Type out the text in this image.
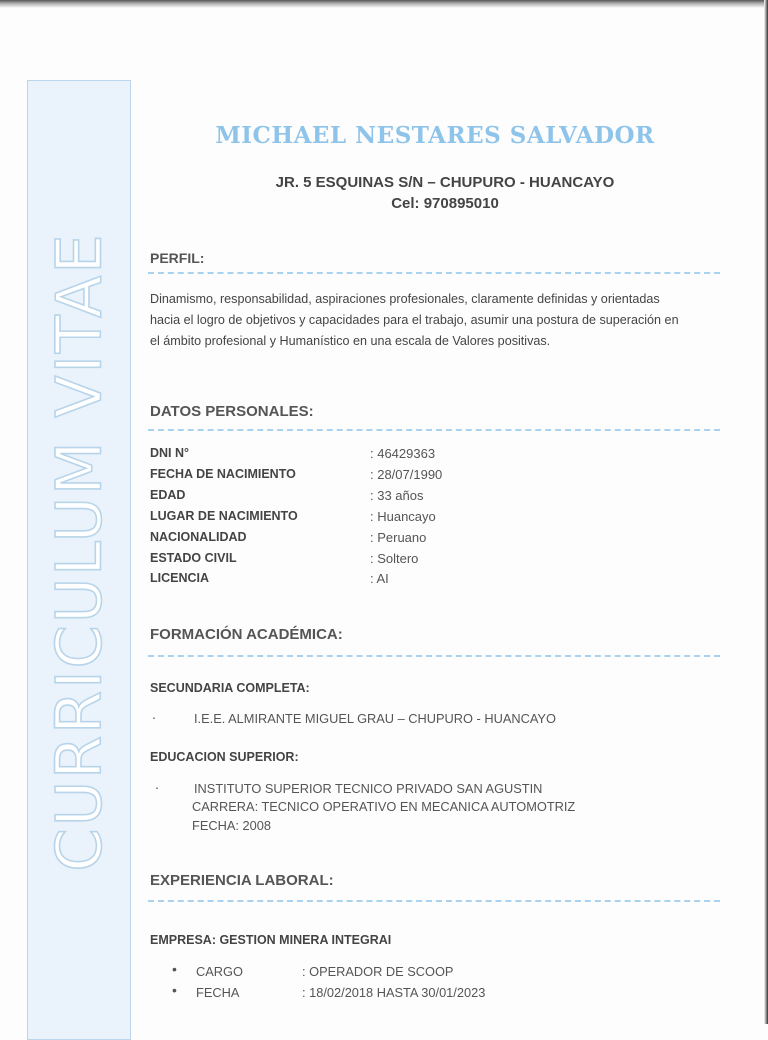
CURRICULUM VITAE
MICHAEL NESTARES SALVADOR
JR. 5 ESQUINAS S/N – CHUPURO - HUANCAYO
Cel: 970895010
PERFIL:
Dinamismo, responsabilidad, aspiraciones profesionales, claramente definidas y orientadas hacia el logro de objetivos y capacidades para el trabajo, asumir una postura de superación en el ámbito profesional y Humanístico en una escala de Valores positivas.
DATOS PERSONALES:
DNI N°	: 46429363
FECHA DE NACIMIENTO	: 28/07/1990
EDAD	: 33 años
LUGAR DE NACIMIENTO	: Huancayo
NACIONALIDAD	: Peruano
ESTADO CIVIL	: Soltero
LICENCIA	: AI
FORMACIÓN ACADÉMICA:
SECUNDARIA COMPLETA:
.	I.E.E. ALMIRANTE MIGUEL GRAU – CHUPURO - HUANCAYO
EDUCACION SUPERIOR:
.	INSTITUTO SUPERIOR TECNICO PRIVADO SAN AGUSTIN
CARRERA: TECNICO OPERATIVO EN MECANICA AUTOMOTRIZ
FECHA: 2008
EXPERIENCIA LABORAL:
EMPRESA: GESTION MINERA INTEGRAI
• CARGO	: OPERADOR DE SCOOP
• FECHA	: 18/02/2018 HASTA 30/01/2023
